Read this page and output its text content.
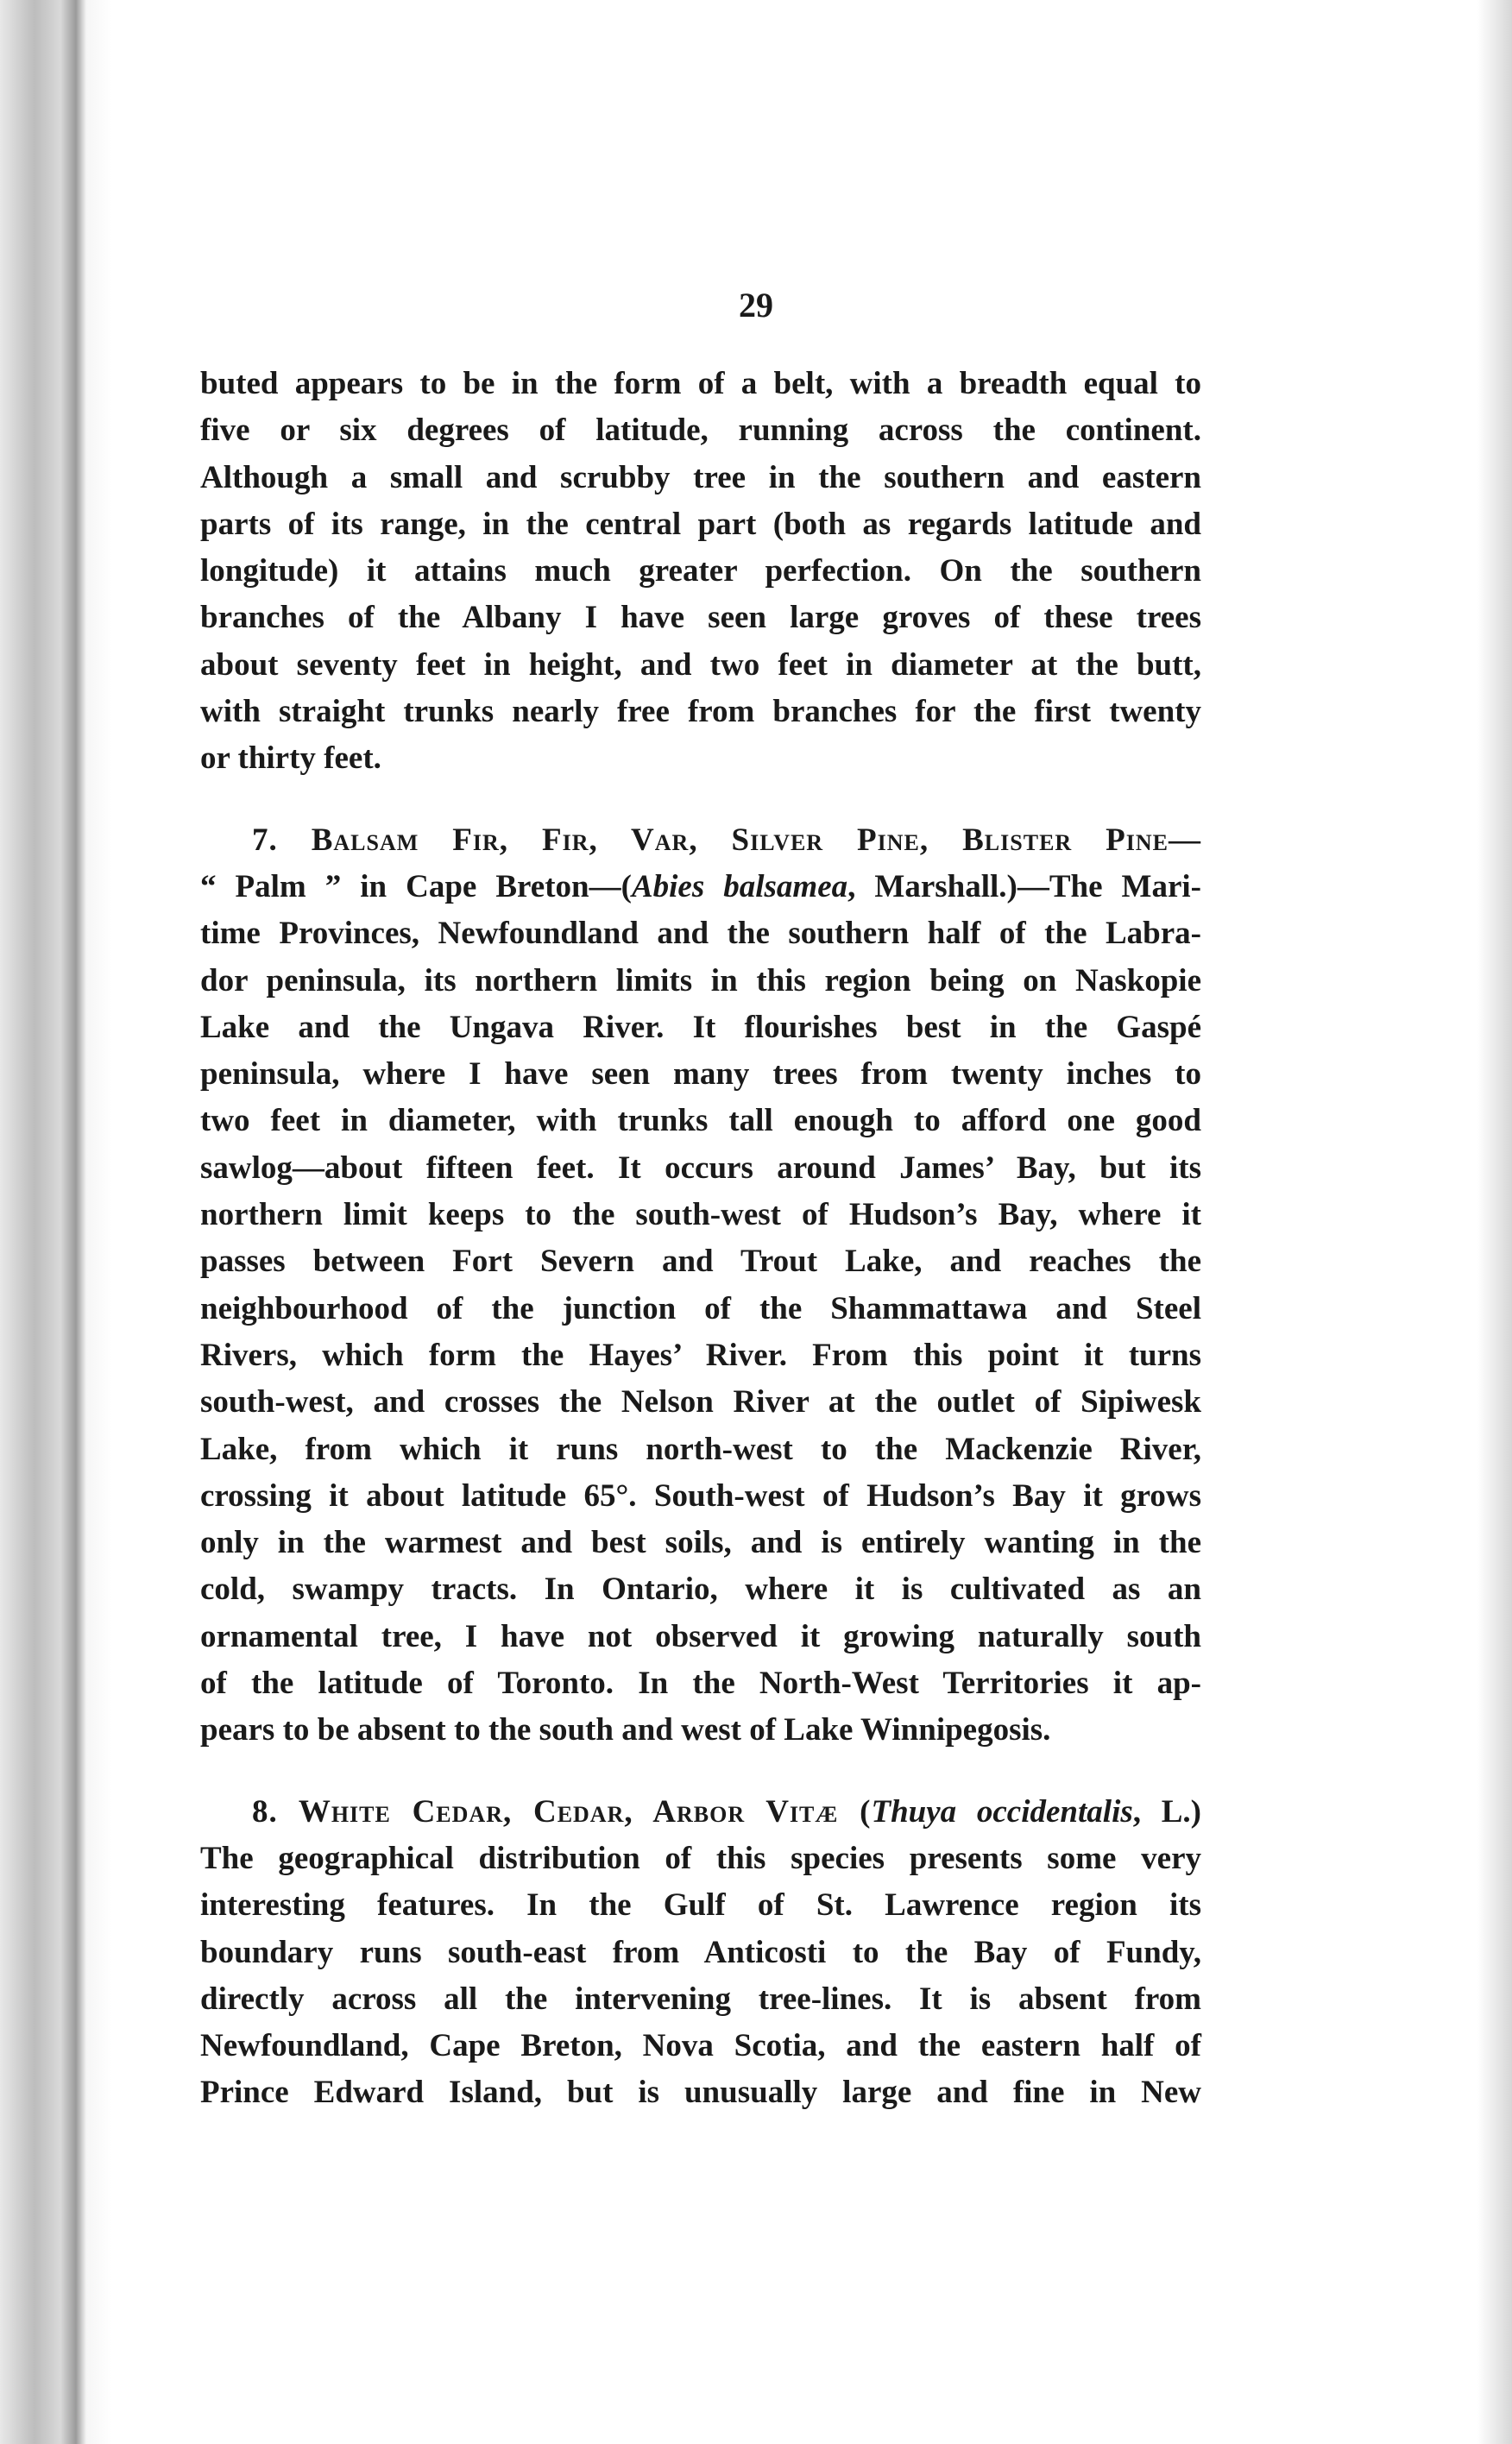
29
buted appears to be in the form of a belt, with a breadth equal to
five or six degrees of latitude, running across the continent.
Although a small and scrubby tree in the southern and eastern
parts of its range, in the central part (both as regards latitude and
longitude) it attains much greater perfection. On the southern
branches of the Albany I have seen large groves of these trees
about seventy feet in height, and two feet in diameter at the butt,
with straight trunks nearly free from branches for the first twenty
or thirty feet.
7. Balsam Fir, Fir, Var, Silver Pine, Blister Pine—
“ Palm ” in Cape Breton—(Abies balsamea, Marshall.)—The Mari-
time Provinces, Newfoundland and the southern half of the Labra-
dor peninsula, its northern limits in this region being on Naskopie
Lake and the Ungava River. It flourishes best in the Gaspé
peninsula, where I have seen many trees from twenty inches to
two feet in diameter, with trunks tall enough to afford one good
sawlog—about fifteen feet. It occurs around James’ Bay, but its
northern limit keeps to the south-west of Hudson’s Bay, where it
passes between Fort Severn and Trout Lake, and reaches the
neighbourhood of the junction of the Shammattawa and Steel
Rivers, which form the Hayes’ River. From this point it turns
south-west, and crosses the Nelson River at the outlet of Sipiwesk
Lake, from which it runs north-west to the Mackenzie River,
crossing it about latitude 65°. South-west of Hudson’s Bay it grows
only in the warmest and best soils, and is entirely wanting in the
cold, swampy tracts. In Ontario, where it is cultivated as an
ornamental tree, I have not observed it growing naturally south
of the latitude of Toronto. In the North-West Territories it ap-
pears to be absent to the south and west of Lake Winnipegosis.
8. White Cedar, Cedar, Arbor Vitæ (Thuya occidentalis, L.)
The geographical distribution of this species presents some very
interesting features. In the Gulf of St. Lawrence region its
boundary runs south-east from Anticosti to the Bay of Fundy,
directly across all the intervening tree-lines. It is absent from
Newfoundland, Cape Breton, Nova Scotia, and the eastern half of
Prince Edward Island, but is unusually large and fine in New
